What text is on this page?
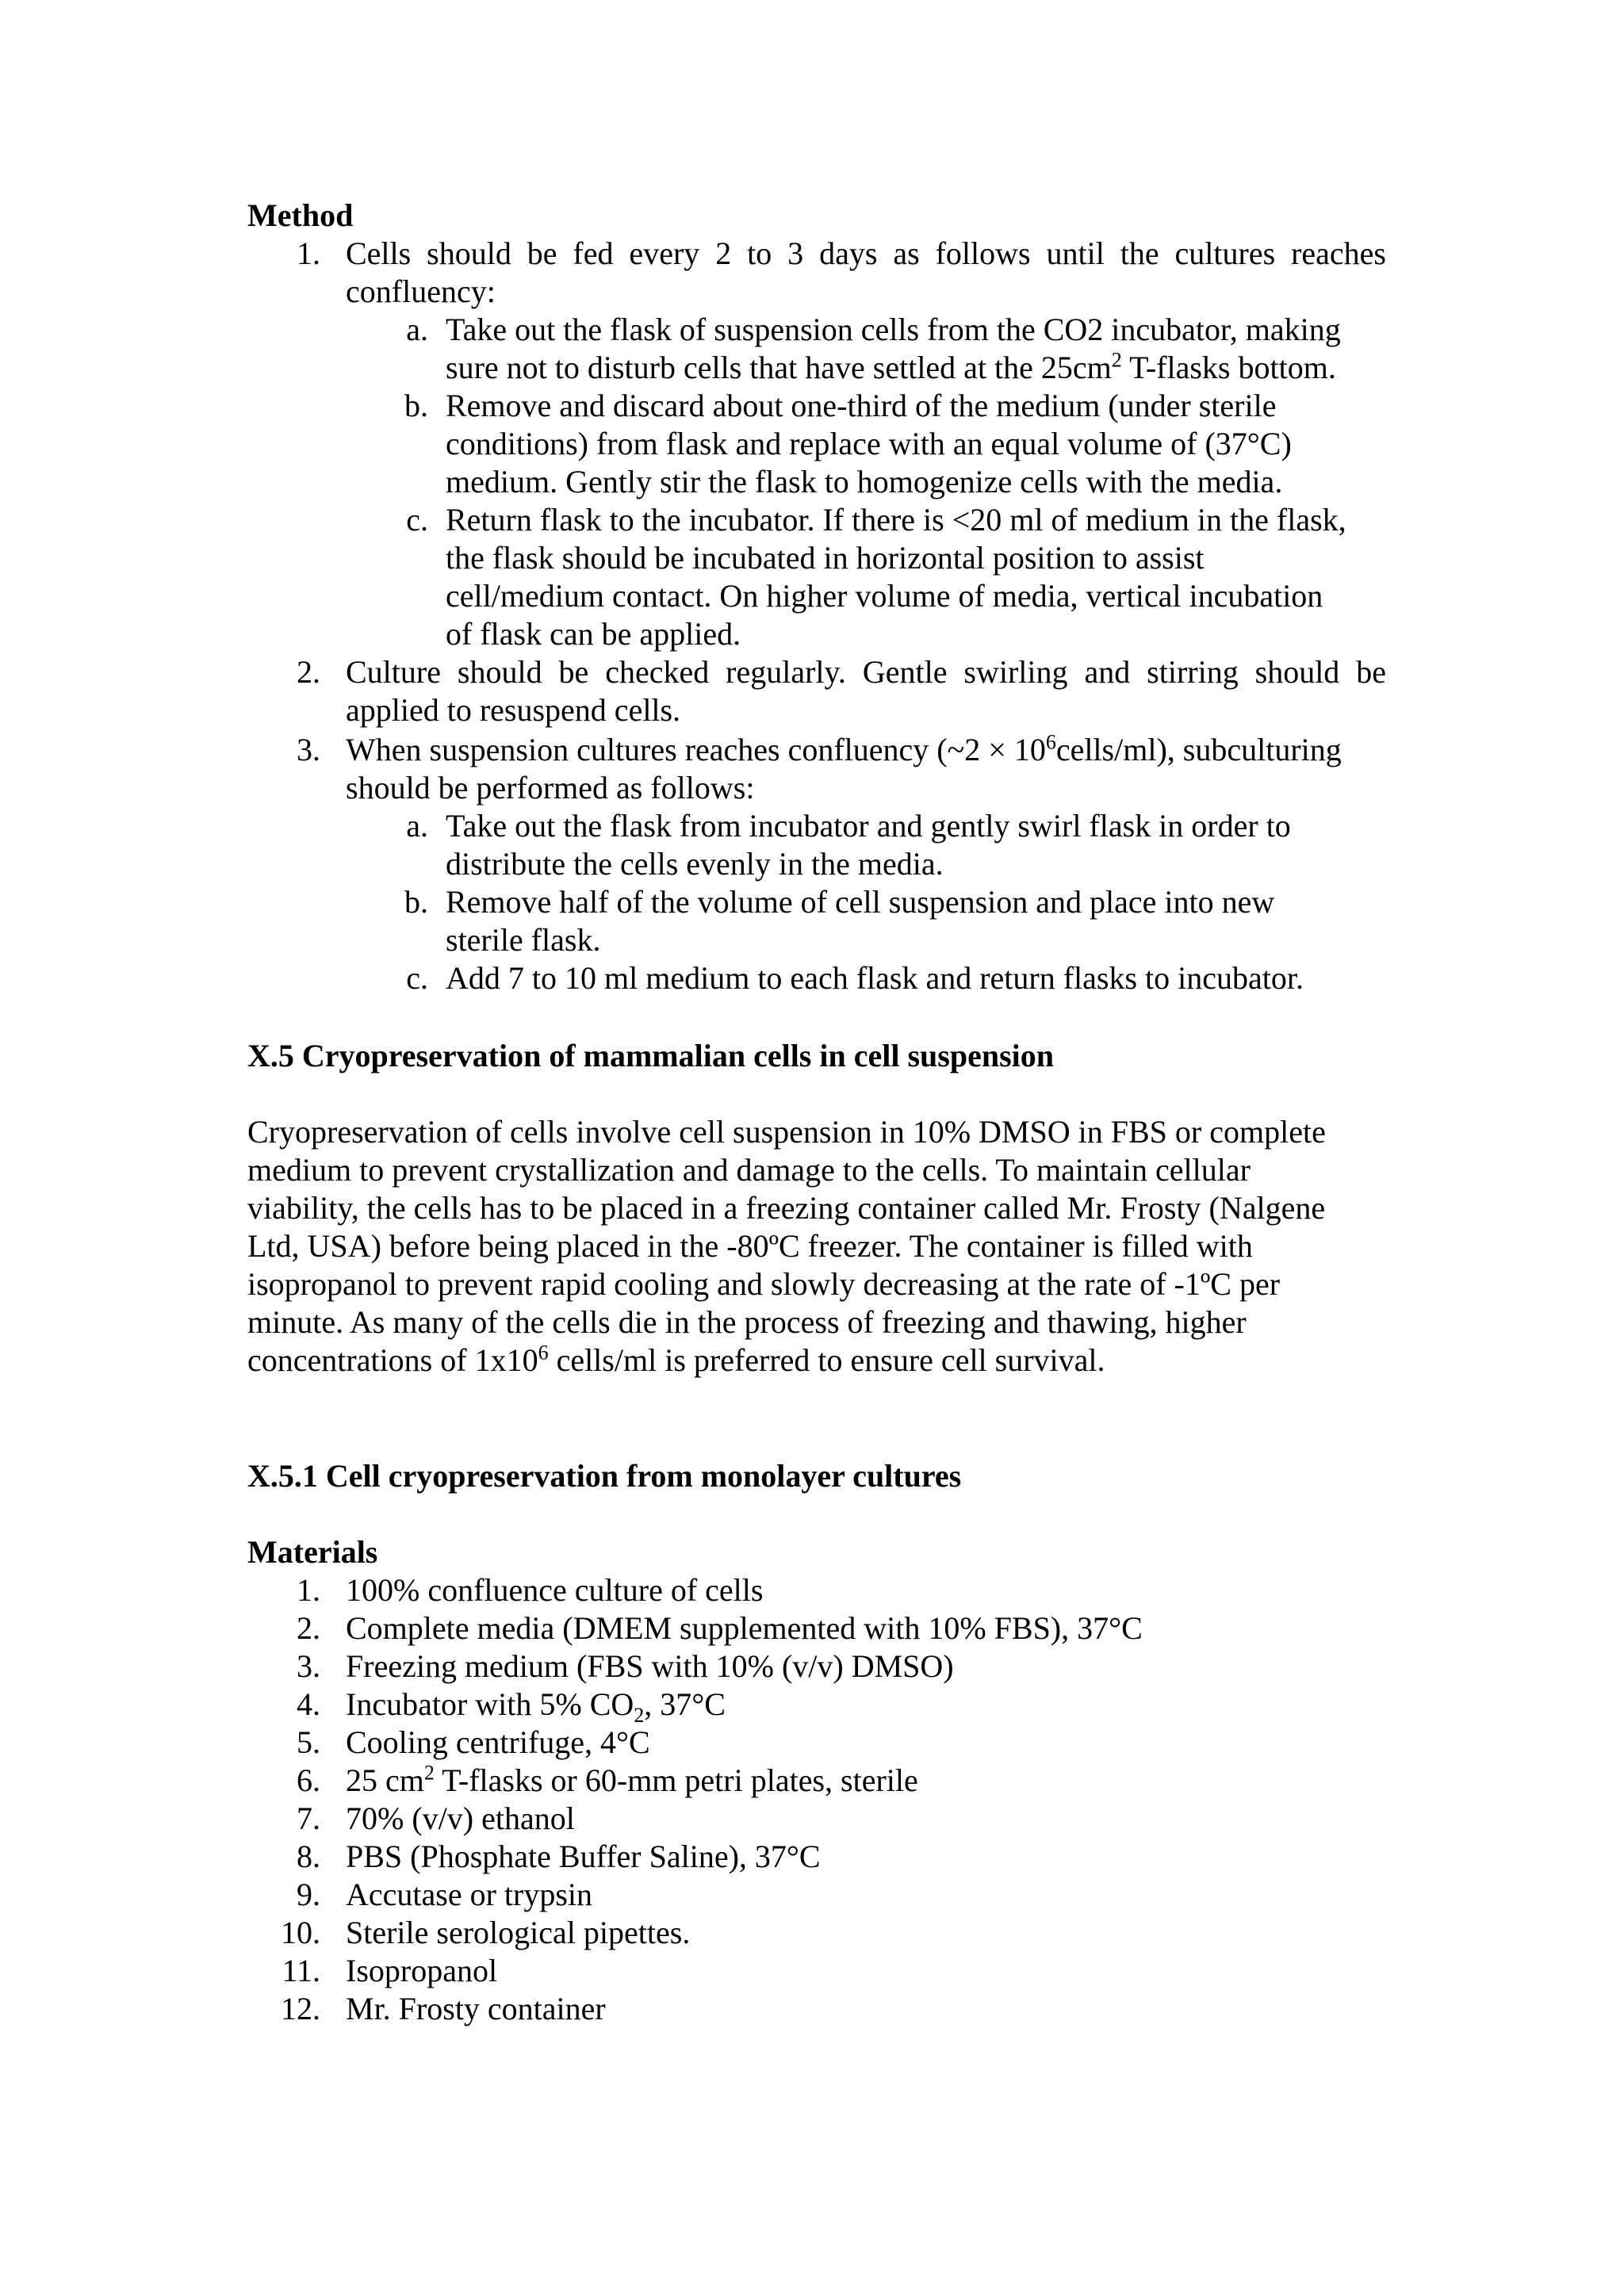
Method
1. Cells should be fed every 2 to 3 days as follows until the cultures reaches
confluency:
a. Take out the flask of suspension cells from the CO2 incubator, making
sure not to disturb cells that have settled at the $25cm^2$ T-flasks bottom.
b. Remove and discard about one-third of the medium (under sterile
conditions) from flask and replace with an equal volume of (37°C)
medium. Gently stir the flask to homogenize cells with the media.
c. Return flask to the incubator. If there is <20 ml of medium in the flask,
the flask should be incubated in horizontal position to assist
cell/medium contact. On higher volume of media, vertical incubation
of flask can be applied.
2. Culture should be checked regularly. Gentle swirling and stirring should be
applied to resuspend cells.
3. When suspension cultures reaches confluency (~2 × $10^6cells/ml$), subculturing
should be performed as follows:
a. Take out the flask from incubator and gently swirl flask in order to
distribute the cells evenly in the media.
b. Remove half of the volume of cell suspension and place into new
sterile flask.
c. Add 7 to 10 ml medium to each flask and return flasks to incubator.
X.5 Cryopreservation of mammalian cells in cell suspension
Cryopreservation of cells involve cell suspension in 10% DMSO in FBS or complete
medium to prevent crystallization and damage to the cells. To maintain cellular
viability, the cells has to be placed in a freezing container called Mr. Frosty (Nalgene
Ltd, USA) before being placed in the -80ºC freezer. The container is filled with
isopropanol to prevent rapid cooling and slowly decreasing at the rate of -1ºC per
minute. As many of the cells die in the process of freezing and thawing, higher
concentrations of $1x10^6$ cells/ml is preferred to ensure cell survival.
X.5.1 Cell cryopreservation from monolayer cultures
Materials
1. 100% confluence culture of cells
2. Complete media (DMEM supplemented with 10% FBS), 37°C
3. Freezing medium (FBS with 10% (v/v) DMSO)
4. Incubator with 5% $CO_2$, 37°C
5. Cooling centrifuge, 4°C
6. 25 $cm^2$ T-flasks or 60-mm petri plates, sterile
7. 70% (v/v) ethanol
8. PBS (Phosphate Buffer Saline), 37°C
9. Accutase or trypsin
10. Sterile serological pipettes.
11. Isopropanol
12. Mr. Frosty container
